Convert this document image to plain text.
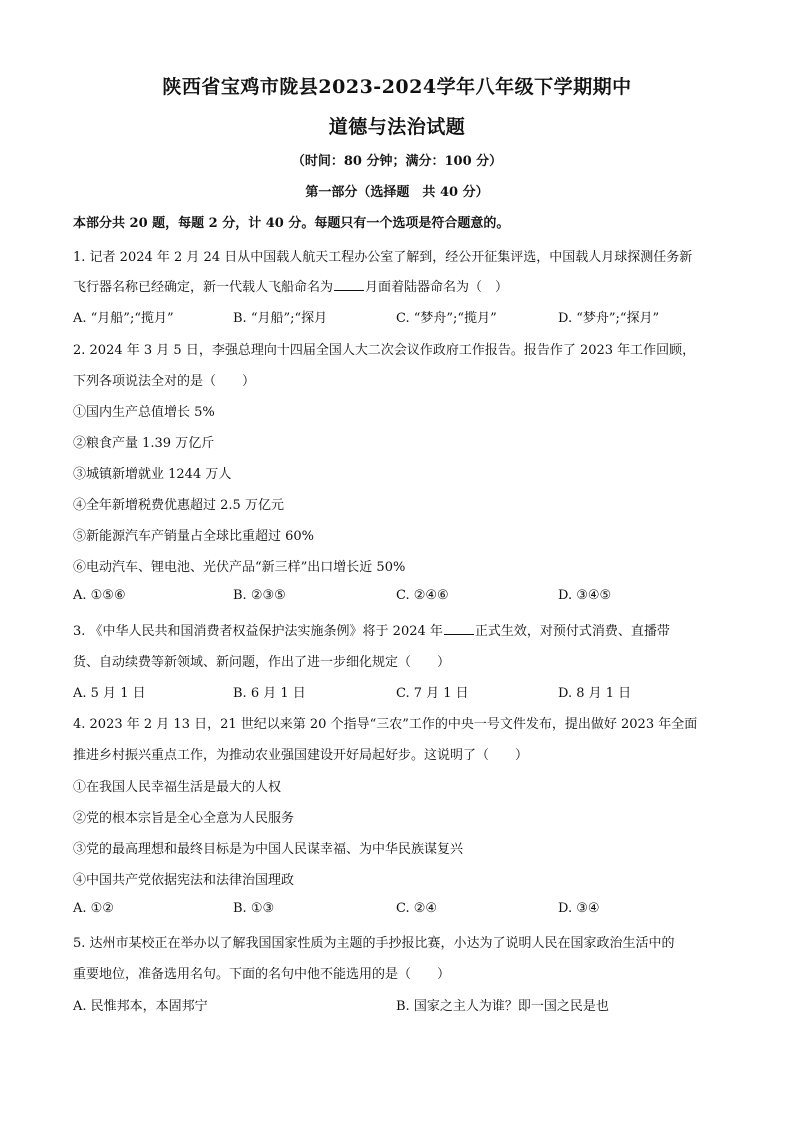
陕西省宝鸡市陇县2023-2024学年八年级下学期期中
道德与法治试题
（时间：80 分钟；满分：100 分）
第一部分（选择题　共 40 分）
本部分共 20 题，每题 2 分，计 40 分。每题只有一个选项是符合题意的。
1. 记者 2024 年 2 月 24 日从中国载人航天工程办公室了解到，经公开征集评选，中国载人月球探测任务新
飞行器名称已经确定，新一代载人飞船命名为 月面着陆器命名为（　）
A. “月船”;“揽月”	B. “月船”;“探月	C. “梦舟”;“揽月”	D. “梦舟”;“探月”
2. 2024 年 3 月 5 日，李强总理向十四届全国人大二次会议作政府工作报告。报告作了 2023 年工作回顾，
下列各项说法全对的是（　　）
①国内生产总值增长 5%
②粮食产量 1.39 万亿斤
③城镇新增就业 1244 万人
④全年新增税费优惠超过 2.5 万亿元
⑤新能源汽车产销量占全球比重超过 60%
⑥电动汽车、锂电池、光伏产品“新三样”出口增长近 50%
A. ①⑤⑥	B. ②③⑤	C. ②④⑥	D. ③④⑤
3. 《中华人民共和国消费者权益保护法实施条例》将于 2024 年 正式生效，对预付式消费、直播带
货、自动续费等新领域、新问题，作出了进一步细化规定（　　）
A. 5 月 1 日	B. 6 月 1 日	C. 7 月 1 日	D. 8 月 1 日
4. 2023 年 2 月 13 日，21 世纪以来第 20 个指导“三农”工作的中央一号文件发布，提出做好 2023 年全面
推进乡村振兴重点工作，为推动农业强国建设开好局起好步。这说明了（　　）
①在我国人民幸福生活是最大的人权
②党的根本宗旨是全心全意为人民服务
③党的最高理想和最终目标是为中国人民谋幸福、为中华民族谋复兴
④中国共产党依据宪法和法律治国理政
A. ①②	B. ①③	C. ②④	D. ③④
5. 达州市某校正在举办以了解我国国家性质为主题的手抄报比赛，小达为了说明人民在国家政治生活中的
重要地位，准备选用名句。下面的名句中他不能选用的是（　　）
A. 民惟邦本，本固邦宁	B. 国家之主人为谁？即一国之民是也
